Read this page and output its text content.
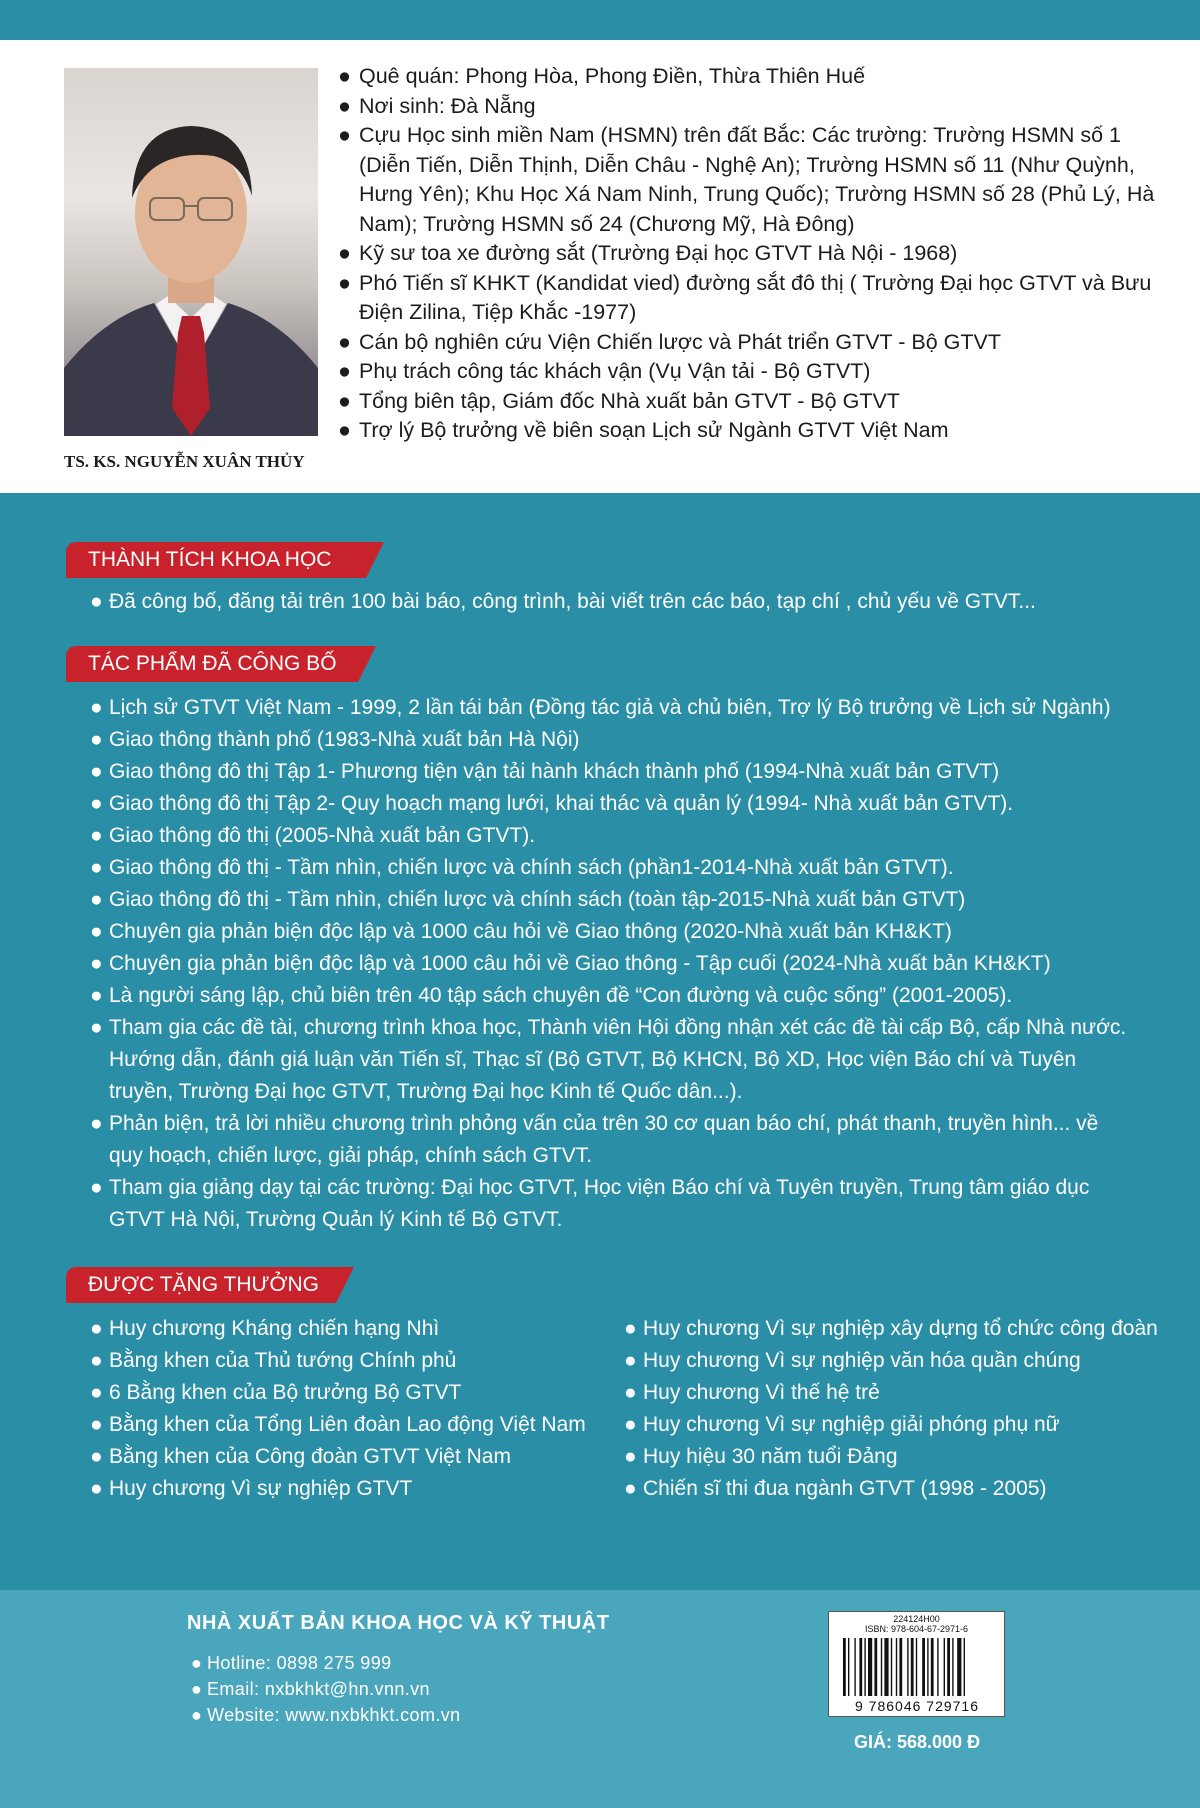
TS. KS. NGUYỄN XUÂN THỦY
● Quê quán: Phong Hòa, Phong Điền, Thừa Thiên Huế
● Nơi sinh: Đà Nẵng
● Cựu Học sinh miền Nam (HSMN) trên đất Bắc: Các trường: Trường HSMN số 1 (Diễn Tiến, Diễn Thịnh, Diễn Châu - Nghệ An); Trường HSMN số 11 (Như Quỳnh, Hưng Yên); Khu Học Xá Nam Ninh, Trung Quốc); Trường HSMN số 28 (Phủ Lý, Hà Nam); Trường HSMN số 24 (Chương Mỹ, Hà Đông)
● Kỹ sư toa xe đường sắt (Trường Đại học GTVT Hà Nội - 1968)
● Phó Tiến sĩ KHKT (Kandidat vied) đường sắt đô thị ( Trường Đại học GTVT và Bưu Điện Zilina, Tiệp Khắc -1977)
● Cán bộ nghiên cứu Viện Chiến lược và Phát triển GTVT - Bộ GTVT
● Phụ trách công tác khách vận (Vụ Vận tải - Bộ GTVT)
● Tổng biên tập, Giám đốc Nhà xuất bản GTVT - Bộ GTVT
● Trợ lý Bộ trưởng về biên soạn Lịch sử Ngành GTVT Việt Nam
THÀNH TÍCH KHOA HỌC
● Đã công bố, đăng tải trên 100 bài báo, công trình, bài viết trên các báo, tạp chí , chủ yếu về GTVT...
TÁC PHẨM ĐÃ CÔNG BỐ
● Lịch sử GTVT Việt Nam - 1999, 2 lần tái bản (Đồng tác giả và chủ biên, Trợ lý Bộ trưởng về Lịch sử Ngành)
● Giao thông thành phố (1983-Nhà xuất bản Hà Nội)
● Giao thông đô thị Tập 1- Phương tiện vận tải hành khách thành phố (1994-Nhà xuất bản GTVT)
● Giao thông đô thị Tập 2- Quy hoạch mạng lưới, khai thác và quản lý (1994- Nhà xuất bản GTVT).
● Giao thông đô thị (2005-Nhà xuất bản GTVT).
● Giao thông đô thị - Tầm nhìn, chiến lược và chính sách (phần1-2014-Nhà xuất bản GTVT).
● Giao thông đô thị - Tầm nhìn, chiến lược và chính sách (toàn tập-2015-Nhà xuất bản GTVT)
● Chuyên gia phản biện độc lập và 1000 câu hỏi về Giao thông (2020-Nhà xuất bản KH&KT)
● Chuyên gia phản biện độc lập và 1000 câu hỏi về Giao thông - Tập cuối (2024-Nhà xuất bản KH&KT)
● Là người sáng lập, chủ biên trên 40 tập sách chuyên đề “Con đường và cuộc sống” (2001-2005).
● Tham gia các đề tài, chương trình khoa học, Thành viên Hội đồng nhận xét các đề tài cấp Bộ, cấp Nhà nước. Hướng dẫn, đánh giá luận văn Tiến sĩ, Thạc sĩ (Bộ GTVT, Bộ KHCN, Bộ XD, Học viện Báo chí và Tuyên truyền, Trường Đại học GTVT, Trường Đại học Kinh tế Quốc dân...).
● Phản biện, trả lời nhiều chương trình phỏng vấn của trên 30 cơ quan báo chí, phát thanh, truyền hình... về quy hoạch, chiến lược, giải pháp, chính sách GTVT.
● Tham gia giảng dạy tại các trường: Đại học GTVT, Học viện Báo chí và Tuyên truyền, Trung tâm giáo dục GTVT Hà Nội, Trường Quản lý Kinh tế Bộ GTVT.
ĐƯỢC TẶNG THƯỞNG
● Huy chương Kháng chiến hạng Nhì
● Bằng khen của Thủ tướng Chính phủ
● 6 Bằng khen của Bộ trưởng Bộ GTVT
● Bằng khen của Tổng Liên đoàn Lao động Việt Nam
● Bằng khen của Công đoàn GTVT Việt Nam
● Huy chương Vì sự nghiệp GTVT
● Huy chương Vì sự nghiệp xây dựng tổ chức công đoàn
● Huy chương Vì sự nghiệp văn hóa quần chúng
● Huy chương Vì thế hệ trẻ
● Huy chương Vì sự nghiệp giải phóng phụ nữ
● Huy hiệu 30 năm tuổi Đảng
● Chiến sĩ thi đua ngành GTVT (1998 - 2005)
NHÀ XUẤT BẢN KHOA HỌC VÀ KỸ THUẬT
● Hotline: 0898 275 999
● Email: nxbkhkt@hn.vnn.vn
● Website: www.nxbkhkt.com.vn
224124H00
ISBN: 978-604-67-2971-6
9 786046 729716
GIÁ: 568.000 Đ
